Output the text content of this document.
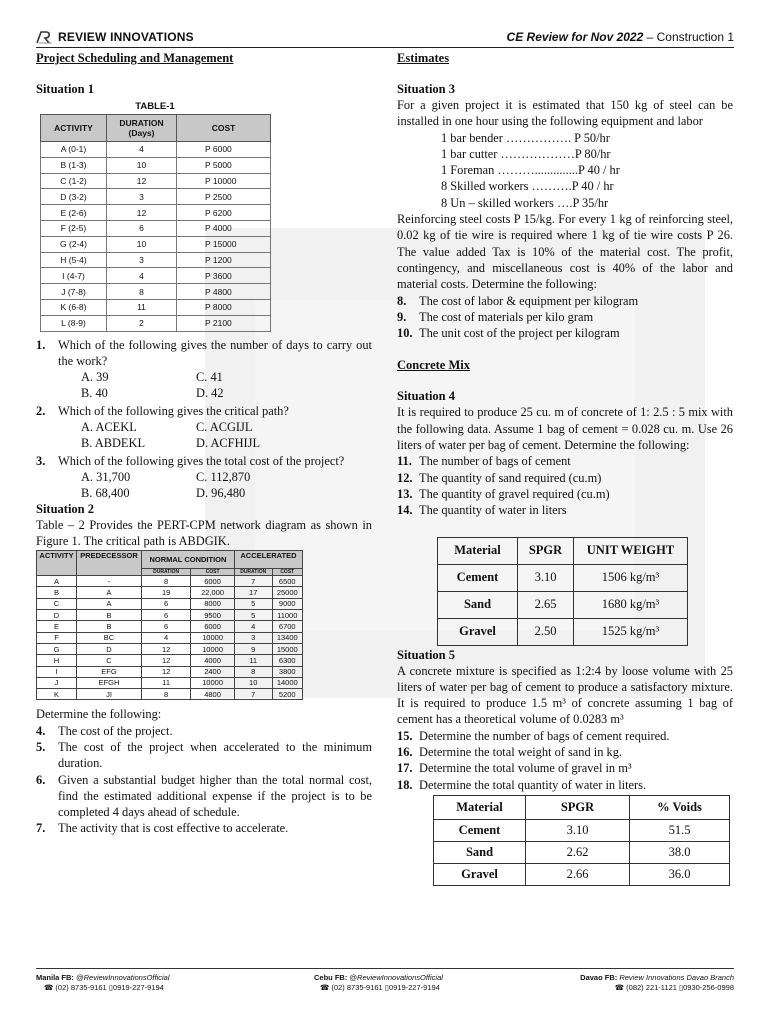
REVIEW INNOVATIONS	CE Review for Nov 2022 – Construction 1
Project Scheduling and Management
Situation 1
TABLE-1
ACTIVITY	DURATION (Days)	COST
A (0-1)	4	P 6000
B (1-3)	10	P 5000
C (1-2)	12	P 10000
D (3-2)	3	P 2500
E (2-6)	12	P 6200
F (2-5)	6	P 4000
G (2-4)	10	P 15000
H (5-4)	3	P 1200
I (4-7)	4	P 3600
J (7-8)	8	P 4800
K (6-8)	11	P 8000
L (8-9)	2	P 2100
1.	Which of the following gives the number of days to carry out the work?
A. 39	C. 41
B. 40	D. 42
2.	Which of the following gives the critical path?
A. ACEKL	C. ACGIJL
B. ABDEKL	D. ACFHIJL
3.	Which of the following gives the total cost of the project?
A. 31,700	C. 112,870
B. 68,400	D. 96,480
Situation 2
Table – 2 Provides the PERT-CPM network diagram as shown in Figure 1. The critical path is ABDGIK.
ACTIVITY	PREDECESSOR	NORMAL CONDITION		ACCELERATED	
		DURATION	COST	DURATION	COST
A	-	8	6000	7	6500
B	A	19	22,000	17	25000
C	A	6	8000	5	9000
D	B	6	9500	5	11000
E	B	6	6000	4	6700
F	BC	4	10000	3	13400
G	D	12	10000	9	15000
H	C	12	4000	11	6300
I	EFG	12	2400	8	3800
J	EFGH	11	10000	10	14000
K	JI	8	4800	7	5200
Determine the following:
4.	The cost of the project.
5.	The cost of the project when accelerated to the minimum duration.
6.	Given a substantial budget higher than the total normal cost, find the estimated additional expense if the project is to be completed 4 days ahead of schedule.
7.	The activity that is cost effective to accelerate.
Estimates
Situation 3
For a given project it is estimated that 150 kg of steel can be installed in one hour using the following equipment and labor
1 bar bender ……………. P 50/hr
1 bar cutter ………………P 80/hr
1 Foreman ………..............P 40 / hr
8 Skilled workers ……….P 40 / hr
8 Un – skilled workers ….P 35/hr
Reinforcing steel costs P 15/kg. For every 1 kg of reinforcing steel, 0.02 kg of tie wire is required where 1 kg of tie wire costs P 26. The value added Tax is 10% of the material cost. The profit, contingency, and miscellaneous cost is 40% of the labor and material costs. Determine the following:
8.	The cost of labor & equipment per kilogram
9.	The cost of materials per kilo gram
10. The unit cost of the project per kilogram
Concrete Mix
Situation 4
It is required to produce 25 cu. m of concrete of 1: 2.5 : 5 mix with the following data. Assume 1 bag of cement = 0.028 cu. m. Use 26 liters of water per bag of cement. Determine the following:
11. The number of bags of cement
12. The quantity of sand required (cu.m)
13. The quantity of gravel required (cu.m)
14. The quantity of water in liters
Material	SPGR	UNIT WEIGHT
Cement	3.10	1506 kg/m³
Sand	2.65	1680 kg/m³
Gravel	2.50	1525 kg/m³
Situation 5
A concrete mixture is specified as 1:2:4 by loose volume with 25 liters of water per bag of cement to produce a satisfactory mixture. It is required to produce 1.5 m³ of concrete assuming 1 bag of cement has a theoretical volume of 0.0283 m³
15. Determine the number of bags of cement required.
16. Determine the total weight of sand in kg.
17. Determine the total volume of gravel in m³
18. Determine the total quantity of water in liters.
Material	SPGR	% Voids
Cement	3.10	51.5
Sand	2.62	38.0
Gravel	2.66	36.0
Manila FB: @ReviewInnovationsOfficial
☎ (02) 8735-9161 ▯0919-227-9194
Cebu FB: @ReviewInnovationsOfficial
☎ (02) 8735-9161 ▯0919-227-9194
Davao FB: Review Innovations Davao Branch
☎ (082) 221-1121 ▯0930-256-0998
